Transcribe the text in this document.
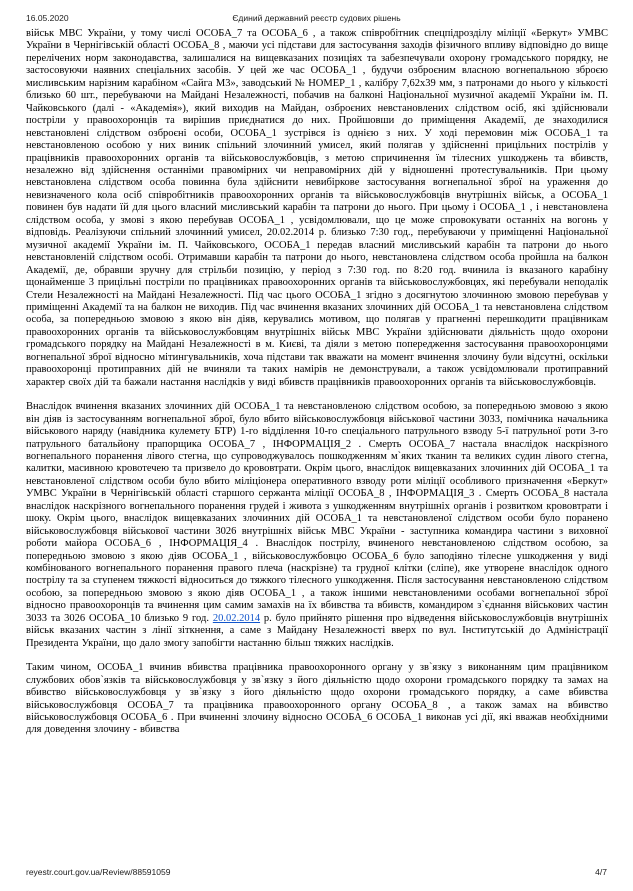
16.05.2020	Єдиний державний реєстр судових рішень

військ МВС України, у тому числі ОСОБА_7 та ОСОБА_6 , а також співробітник спецпідрозділу міліції «Беркут» УМВС України в Чернігівській області ОСОБА_8 , маючи усі підстави для застосування заходів фізичного впливу відповідно до вище перелічених норм законодавства, залишалися на вищевказаних позиціях та забезпечували охорону громадського порядку, не застосовуючи наявних спеціальних засобів. У цей же час ОСОБА_1 , будучи озброєним власною вогнепальною зброєю мисливським нарізним карабіном «Сайга М3», заводський № НОМЕР_1 , калібру 7,62х39 мм, з патронами до нього у кількості близько 60 шт., перебуваючи на Майдані Незалежності, побачив на балконі Національної музичної академії України ім. П. Чайковського (далі - «Академія»), який виходив на Майдан, озброєних невстановлених слідством осіб, які здійснювали постріли у правоохоронців та вирішив приєднатися до них. Пройшовши до приміщення Академії, де знаходилися невстановлені слідством озброєні особи, ОСОБА_1 зустрівся із однією з них. У ході перемовин між ОСОБА_1 та невстановленою особою у них виник спільний злочинний умисел, який полягав у здійсненні прицільних пострілів у працівників правоохоронних органів та військовослужбовців, з метою спричинення їм тілесних ушкоджень та вбивств, незалежно від здійснення останніми правомірних чи неправомірних дій у відношенні протестувальників. При цьому невстановлена слідством особа повинна була здійснити невибіркове застосування вогнепальної зброї на ураження до невизначеного кола осіб співробітників правоохоронних органів та військовослужбовців внутрішніх військ, а ОСОБА_1 повинен був надати їй для цього власний мисливський карабін та патрони до нього. При цьому і ОСОБА_1 , і невстановлена слідством особа, у змові з якою перебував ОСОБА_1 , усвідомлювали, що це може спровокувати останніх на вогонь у відповідь. Реалізуючи спільний злочинний умисел, 20.02.2014 р. близько 7:30 год., перебуваючи у приміщенні Національної музичної академії України ім. П. Чайковського, ОСОБА_1 передав власний мисливський карабін та патрони до нього невстановленій слідством особі. Отримавши карабін та патрони до нього, невстановлена слідством особа пройшла на балкон Академії, де, обравши зручну для стрільби позицію, у період з 7:30 год. по 8:20 год. вчинила із вказаного карабіну щонайменше 3 прицільні постріли по працівниках правоохоронних органів та військовослужбовцях, які перебували неподалік Стели Незалежності на Майдані Незалежності. Під час цього ОСОБА_1 згідно з досягнутою злочинною змовою перебував у приміщенні Академії та на балкон не виходив. Під час вчинення вказаних злочинних дій ОСОБА_1 та невстановлена слідством особа, за попередньою змовою з якою він діяв, керувались мотивом, що полягав у прагненні перешкодити працівникам правоохоронних органів та військовослужбовцям внутрішніх військ МВС України здійснювати діяльність щодо охорони громадського порядку на Майдані Незалежності в м. Києві, та діяли з метою попередження застосування правоохоронцями вогнепальної зброї відносно мітингувальників, хоча підстави так вважати на момент вчинення злочину були відсутні, оскільки правоохоронці протиправних дій не вчиняли та таких намірів не демонстрували, а також усвідомлювали протиправний характер своїх дій та бажали настання наслідків у виді вбивств працівників правоохоронних органів та військовослужбовців.

Внаслідок вчинення вказаних злочинних дій ОСОБА_1 та невстановленою слідством особою, за попередньою змовою з якою він діяв із застосуванням вогнепальної зброї, було вбито військовослужбовця військової частини 3033, помічника начальника військового наряду (навідника кулемету БТР) 1-го відділення 10-го спеціального патрульного взводу 5-ї патрульної роти 3-го патрульного батальйону прапорщика ОСОБА_7 , ІНФОРМАЦІЯ_2 . Смерть ОСОБА_7 настала внаслідок наскрізного вогнепального поранення лівого стегна, що супроводжувалось пошкодженням м`яких тканин та великих судин лівого стегна, калитки, масивною кровотечею та призвело до крововтрати. Окрім цього, внаслідок вищевказаних злочинних дій ОСОБА_1 та невстановленої слідством особи було вбито міліціонера оперативного взводу роти міліції особливого призначення «Беркут» УМВС України в Чернігівській області старшого сержанта міліції ОСОБА_8 , ІНФОРМАЦІЯ_3 . Смерть ОСОБА_8 настала внаслідок наскрізного вогнепального поранення грудей і живота з ушкодженням внутрішніх органів і розвитком крововтрати і шоку. Окрім цього, внаслідок вищевказаних злочинних дій ОСОБА_1 та невстановленої слідством особи було поранено військовослужбовця військової частини 3026 внутрішніх військ МВС України - заступника командира частини з виховної роботи майора ОСОБА_6 , ІНФОРМАЦІЯ_4 . Внаслідок пострілу, вчиненого невстановленою слідством особою, за попередньою змовою з якою діяв ОСОБА_1 , військовослужбовцю ОСОБА_6 було заподіяно тілесне ушкодження у виді комбінованого вогнепального поранення правого плеча (наскрізне) та грудної клітки (сліпе), яке утворене внаслідок одного пострілу та за ступенем тяжкості відноситься до тяжкого тілесного ушкодження. Після застосування невстановленою слідством особою, за попередньою змовою з якою діяв ОСОБА_1 , а також іншими невстановленими особами вогнепальної зброї відносно правоохоронців та вчинення цим самим замахів на їх вбивства та вбивств, командиром з`єднання військових частин 3033 та 3026 ОСОБА_10 близько 9 год. 20.02.2014 р. було прийнято рішення про відведення військовослужбовців внутрішніх військ вказаних частин з лінії зіткнення, а саме з Майдану Незалежності вверх по вул. Інститутській до Адміністрації Президента України, що дало змогу запобігти настанню більш тяжких наслідків.

Таким чином, ОСОБА_1 вчинив вбивства працівника правоохоронного органу у зв`язку з виконанням цим працівником службових обов`язків та військовослужбовця у зв`язку з його діяльністю щодо охорони громадського порядку та замах на вбивство військовослужбовця у зв`язку з його діяльністю щодо охорони громадського порядку, а саме вбивства військовослужбовця ОСОБА_7 та працівника правоохоронного органу ОСОБА_8 , а також замах на вбивство військовослужбовця ОСОБА_6 . При вчиненні злочину відносно ОСОБА_6 ОСОБА_1 виконав усі дії, які вважав необхідними для доведення злочину - вбивства

reyestr.court.gov.ua/Review/88591059	4/7
